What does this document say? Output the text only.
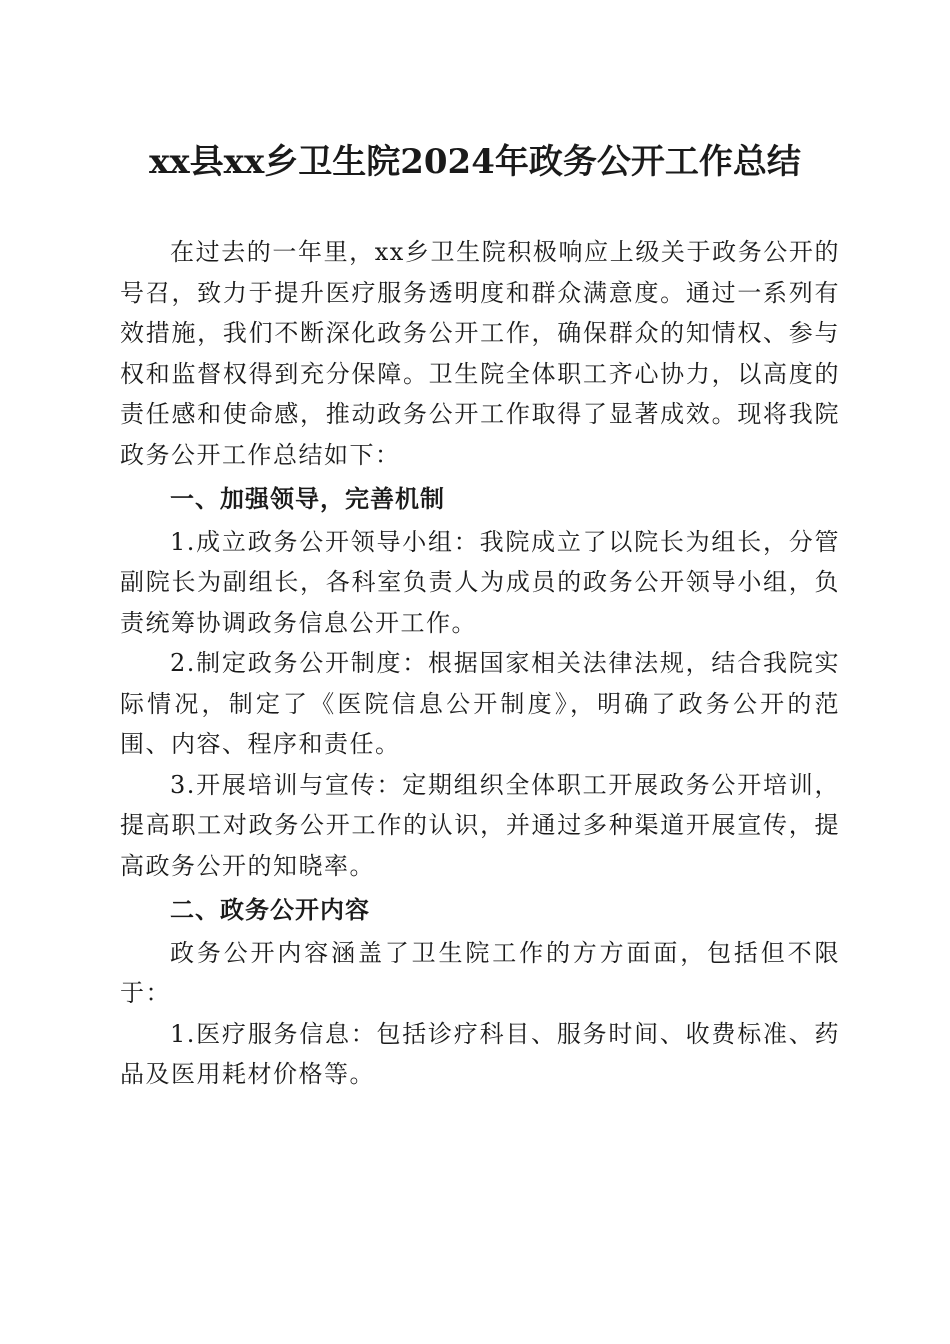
xx县xx乡卫生院2024年政务公开工作总结

在过去的一年里，xx乡卫生院积极响应上级关于政务公开的号召，致力于提升医疗服务透明度和群众满意度。通过一系列有效措施，我们不断深化政务公开工作，确保群众的知情权、参与权和监督权得到充分保障。卫生院全体职工齐心协力，以高度的责任感和使命感，推动政务公开工作取得了显著成效。现将我院政务公开工作总结如下：

一、加强领导，完善机制

1.成立政务公开领导小组：我院成立了以院长为组长，分管副院长为副组长，各科室负责人为成员的政务公开领导小组，负责统筹协调政务信息公开工作。

2.制定政务公开制度：根据国家相关法律法规，结合我院实际情况，制定了《医院信息公开制度》，明确了政务公开的范围、内容、程序和责任。

3.开展培训与宣传：定期组织全体职工开展政务公开培训，提高职工对政务公开工作的认识，并通过多种渠道开展宣传，提高政务公开的知晓率。

二、政务公开内容

政务公开内容涵盖了卫生院工作的方方面面，包括但不限于：

1.医疗服务信息：包括诊疗科目、服务时间、收费标准、药品及医用耗材价格等。
